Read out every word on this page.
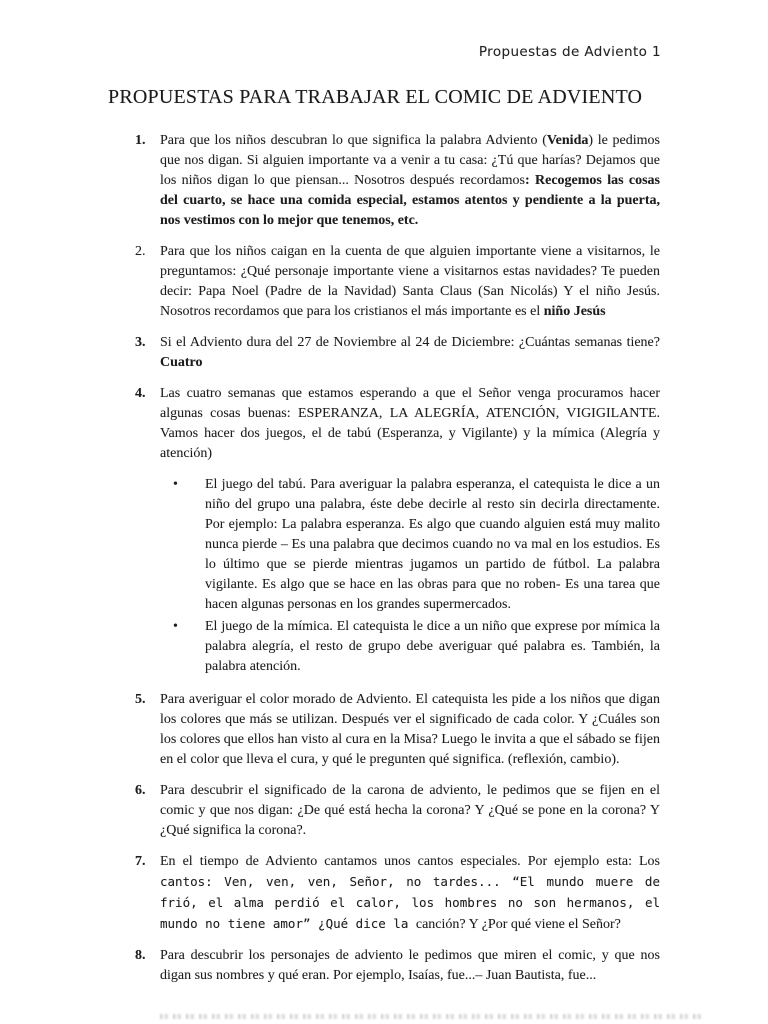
Propuestas de Adviento 1
PROPUESTAS PARA TRABAJAR EL COMIC DE ADVIENTO
1.	Para que los niños descubran lo que significa la palabra Adviento (Venida) le pedimos que nos digan. Si alguien importante va a venir a tu casa: ¿Tú que harías? Dejamos que los niños digan lo que piensan... Nosotros después recordamos: Recogemos las cosas del cuarto, se hace una comida especial, estamos atentos y pendiente a la puerta, nos vestimos con lo mejor que tenemos, etc.
2.	Para que los niños caigan en la cuenta de que alguien importante viene a visitarnos, le preguntamos: ¿Qué personaje importante viene a visitarnos estas navidades? Te pueden decir: Papa Noel (Padre de la Navidad) Santa Claus (San Nicolás) Y el niño Jesús. Nosotros recordamos que para los cristianos el más importante es el niño Jesús
3.	Si el Adviento dura del 27 de Noviembre al 24 de Diciembre: ¿Cuántas semanas tiene? Cuatro
4.	Las cuatro semanas que estamos esperando a que el Señor venga procuramos hacer algunas cosas buenas: ESPERANZA, LA ALEGRÍA, ATENCIÓN, VIGIGILANTE. Vamos hacer dos juegos, el de tabú (Esperanza, y Vigilante) y la mímica (Alegría y atención)
•	El juego del tabú. Para averiguar la palabra esperanza, el catequista le dice a un niño del grupo una palabra, éste debe decirle al resto sin decirla directamente. Por ejemplo: La palabra esperanza. Es algo que cuando alguien está muy malito nunca pierde – Es una palabra que decimos cuando no va mal en los estudios. Es lo último que se pierde mientras jugamos un partido de fútbol. La palabra vigilante. Es algo que se hace en las obras para que no roben- Es una tarea que hacen algunas personas en los grandes supermercados.
•	El juego de la mímica. El catequista le dice a un niño que exprese por mímica la palabra alegría, el resto de grupo debe averiguar qué palabra es. También, la palabra atención.
5.	Para averiguar el color morado de Adviento. El catequista les pide a los niños que digan los colores que más se utilizan. Después ver el significado de cada color. Y ¿Cuáles son los colores que ellos han visto al cura en la Misa? Luego le invita a que el sábado se fijen en el color que lleva el cura, y qué le pregunten qué significa. (reflexión, cambio).
6.	Para descubrir el significado de la carona de adviento, le pedimos que se fijen en el comic y que nos digan: ¿De qué está hecha la corona? Y ¿Qué se pone en la corona? Y ¿Qué significa la corona?.
7.	En el tiempo de Adviento cantamos unos cantos especiales. Por ejemplo esta: Los cantos: Ven, ven, ven, Señor, no tardes... “El mundo muere de frió, el alma perdió el calor, los hombres no son hermanos, el mundo no tiene amor” ¿Qué dice la canción? Y ¿Por qué viene el Señor?
8.	Para descubrir los personajes de adviento le pedimos que miren el comic, y que nos digan sus nombres y qué eran. Por ejemplo, Isaías, fue...– Juan Bautista, fue...
